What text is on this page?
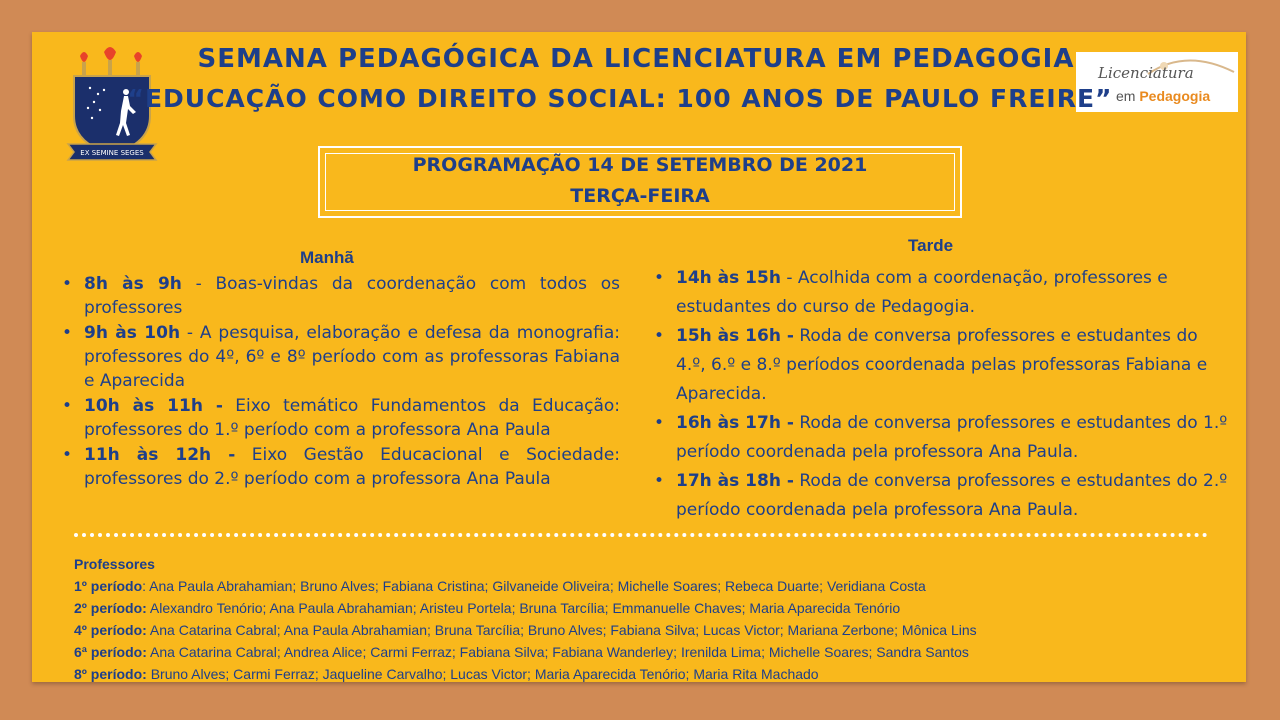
EX SEMINE SEGES
Licenciatura
em Pedagogia
SEMANA PEDAGÓGICA DA LICENCIATURA EM PEDAGOGIA
“EDUCAÇÃO COMO DIREITO SOCIAL: 100 ANOS DE PAULO FREIRE”
PROGRAMAÇÃO 14 DE SETEMBRO DE 2021
TERÇA-FEIRA
Manhã
• 8h às 9h - Boas-vindas da coordenação com todos os professores
• 9h às 10h - A pesquisa, elaboração e defesa da monografia: professores do 4º, 6º e 8º período com as professoras Fabiana e Aparecida
• 10h às 11h - Eixo temático Fundamentos da Educação: professores do 1.º período com a professora Ana Paula
• 11h às 12h - Eixo Gestão Educacional e Sociedade: professores do 2.º período com a professora Ana Paula
Tarde
• 14h às 15h - Acolhida com a coordenação, professores e estudantes do curso de Pedagogia.
• 15h às 16h - Roda de conversa professores e estudantes do 4.º, 6.º e 8.º períodos coordenada pelas professoras Fabiana e Aparecida.
• 16h às 17h - Roda de conversa professores e estudantes do 1.º período coordenada pela professora Ana Paula.
• 17h às 18h - Roda de conversa professores e estudantes do 2.º período coordenada pela professora Ana Paula.
Professores
1º período: Ana Paula Abrahamian; Bruno Alves; Fabiana Cristina; Gilvaneide Oliveira; Michelle Soares; Rebeca Duarte; Veridiana Costa
2º período: Alexandro Tenório; Ana Paula Abrahamian; Aristeu Portela; Bruna Tarcília; Emmanuelle Chaves; Maria Aparecida Tenório
4º período: Ana Catarina Cabral; Ana Paula Abrahamian; Bruna Tarcília; Bruno Alves; Fabiana Silva; Lucas Victor; Mariana Zerbone; Mônica Lins
6ª período: Ana Catarina Cabral; Andrea Alice; Carmi Ferraz; Fabiana Silva; Fabiana Wanderley; Irenilda Lima; Michelle Soares; Sandra Santos
8º período: Bruno Alves; Carmi Ferraz; Jaqueline Carvalho; Lucas Victor; Maria Aparecida Tenório; Maria Rita Machado
